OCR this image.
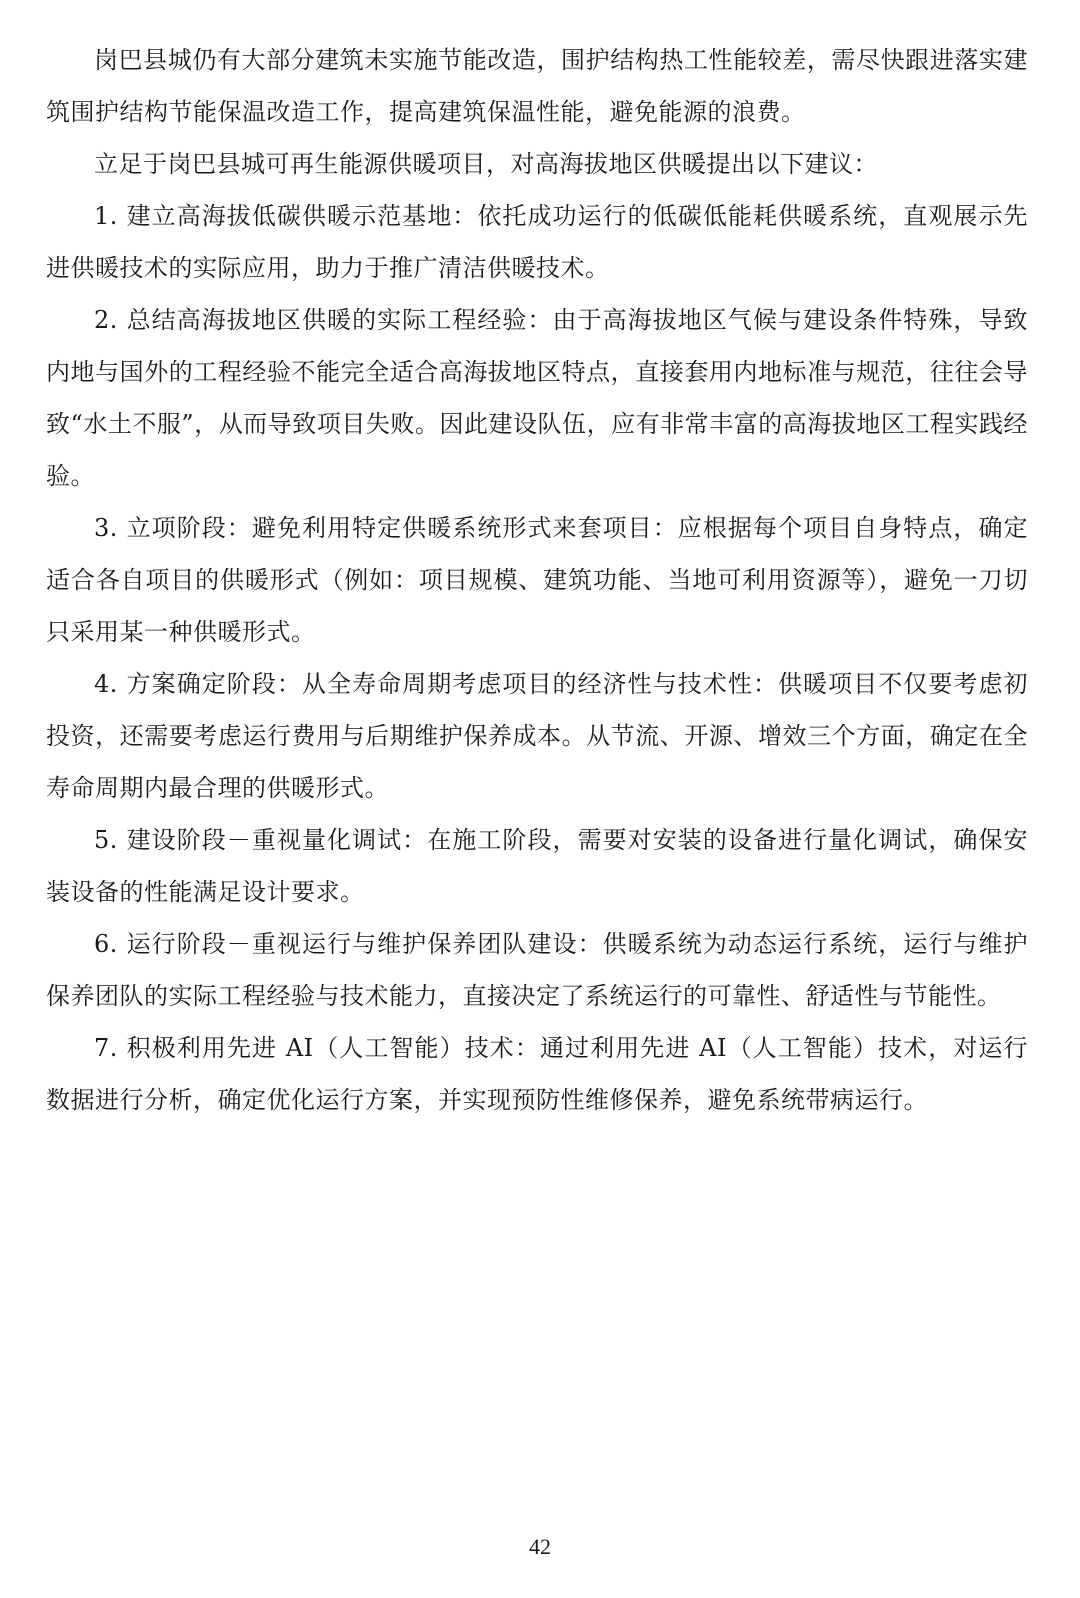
岗巴县城仍有大部分建筑未实施节能改造，围护结构热工性能较差，需尽快跟进落实建筑围护结构节能保温改造工作，提高建筑保温性能，避免能源的浪费。

立足于岗巴县城可再生能源供暖项目，对高海拔地区供暖提出以下建议：

1. 建立高海拔低碳供暖示范基地：依托成功运行的低碳低能耗供暖系统，直观展示先进供暖技术的实际应用，助力于推广清洁供暖技术。

2. 总结高海拔地区供暖的实际工程经验：由于高海拔地区气候与建设条件特殊，导致内地与国外的工程经验不能完全适合高海拔地区特点，直接套用内地标准与规范，往往会导致“水土不服”，从而导致项目失败。因此建设队伍，应有非常丰富的高海拔地区工程实践经验。

3. 立项阶段：避免利用特定供暖系统形式来套项目：应根据每个项目自身特点，确定适合各自项目的供暖形式（例如：项目规模、建筑功能、当地可利用资源等），避免一刀切只采用某一种供暖形式。

4. 方案确定阶段：从全寿命周期考虑项目的经济性与技术性：供暖项目不仅要考虑初投资，还需要考虑运行费用与后期维护保养成本。从节流、开源、增效三个方面，确定在全寿命周期内最合理的供暖形式。

5. 建设阶段－重视量化调试：在施工阶段，需要对安装的设备进行量化调试，确保安装设备的性能满足设计要求。

6. 运行阶段－重视运行与维护保养团队建设：供暖系统为动态运行系统，运行与维护保养团队的实际工程经验与技术能力，直接决定了系统运行的可靠性、舒适性与节能性。

7. 积极利用先进 AI（人工智能）技术：通过利用先进 AI（人工智能）技术，对运行数据进行分析，确定优化运行方案，并实现预防性维修保养，避免系统带病运行。

42
